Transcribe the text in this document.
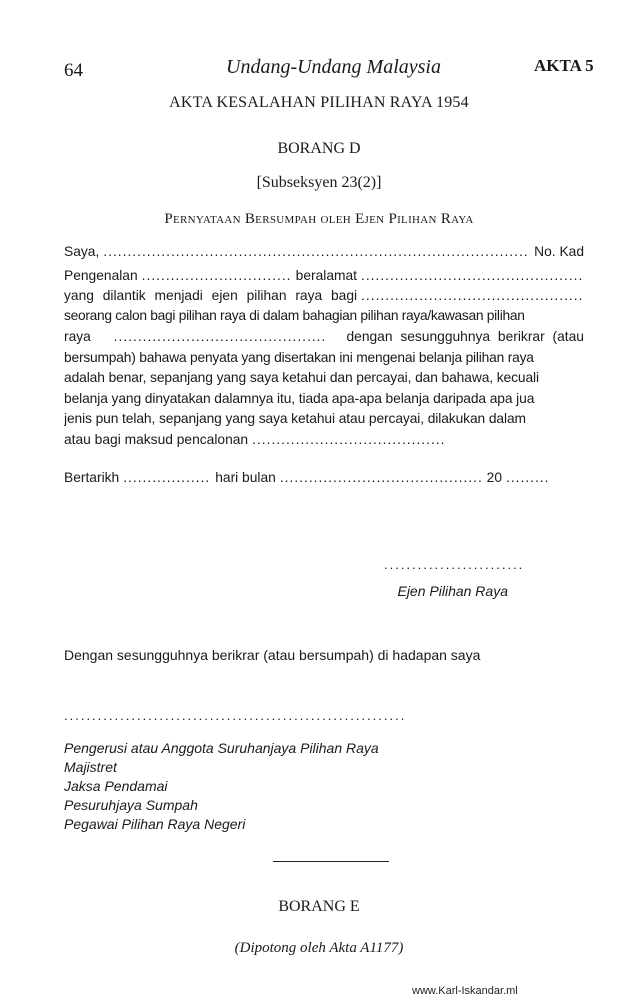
64	Undang-Undang Malaysia	AKTA 5
AKTA KESALAHAN PILIHAN RAYA 1954
BORANG D
[Subseksyen 23(2)]
Pernyataan Bersumpah oleh Ejen Pilihan Raya
Saya, .....	No. Kad
Pengenalan .....	beralamat
.....
yang dilantik menjadi ejen pilihan raya bagi
.....
seorang calon bagi pilihan raya di dalam bahagian pilihan raya/kawasan pilihan
raya .....	dengan sesungguhnya berikrar (atau
bersumpah) bahawa penyata yang disertakan ini mengenai belanja pilihan raya
adalah benar, sepanjang yang saya ketahui dan percayai, dan bahawa, kecuali
belanja yang dinyatakan dalamnya itu, tiada apa-apa belanja daripada apa jua
jenis pun telah, sepanjang yang saya ketahui atau percayai, dilakukan dalam
atau bagi maksud pencalonan
.....
Bertarikh .....	hari bulan .....	20
.....
.........................
Ejen Pilihan Raya
Dengan sesungguhnya berikrar (atau bersumpah) di hadapan saya
.............................................................
Pengerusi atau Anggota Suruhanjaya Pilihan Raya
Majistret
Jaksa Pendamai
Pesuruhjaya Sumpah
Pegawai Pilihan Raya Negeri
BORANG E
(Dipotong oleh Akta A1177)
www.Karl-Iskandar.ml
